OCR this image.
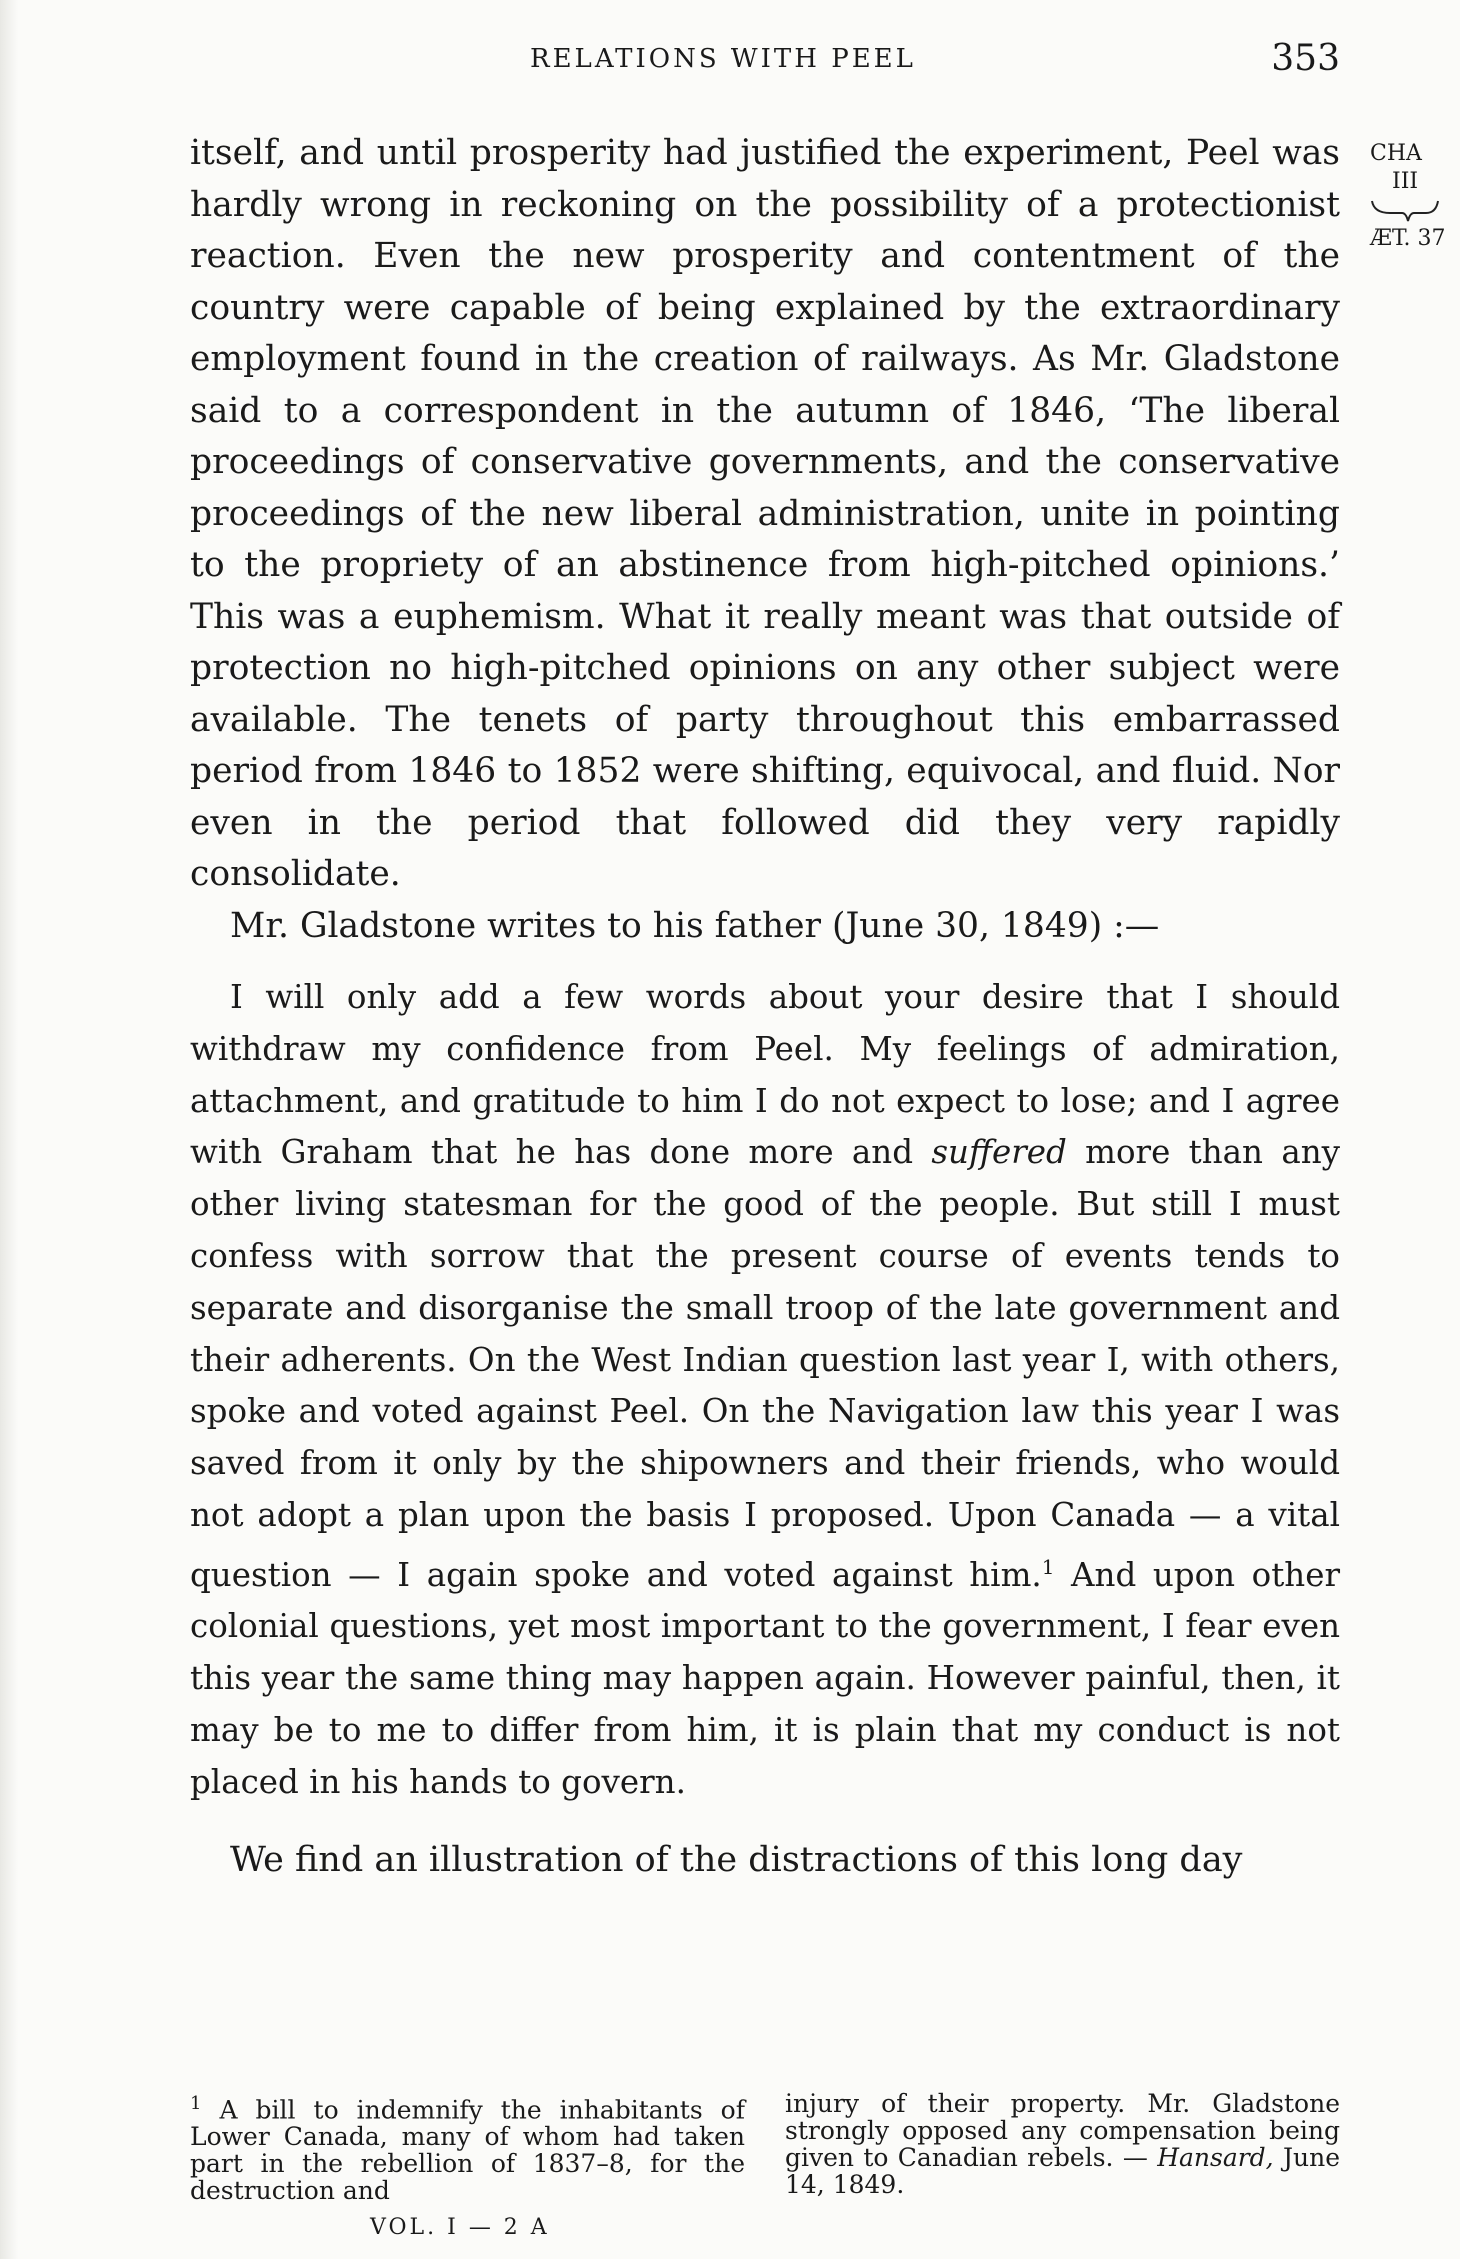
RELATIONS WITH PEEL	353
CHA
III
ÆT. 37

itself, and until prosperity had justified the experiment, Peel was hardly wrong in reckoning on the possibility of a protectionist reaction. Even the new prosperity and contentment of the country were capable of being explained by the extraordinary employment found in the creation of railways. As Mr. Gladstone said to a correspondent in the autumn of 1846, ‘The liberal proceedings of conservative governments, and the conservative proceedings of the new liberal administration, unite in pointing to the propriety of an abstinence from high-pitched opinions.’ This was a euphemism. What it really meant was that outside of protection no high-pitched opinions on any other subject were available. The tenets of party throughout this embarrassed period from 1846 to 1852 were shifting, equivocal, and fluid. Nor even in the period that followed did they very rapidly consolidate.

Mr. Gladstone writes to his father (June 30, 1849) :—

I will only add a few words about your desire that I should withdraw my confidence from Peel. My feelings of admiration, attachment, and gratitude to him I do not expect to lose; and I agree with Graham that he has done more and suffered more than any other living statesman for the good of the people. But still I must confess with sorrow that the present course of events tends to separate and disorganise the small troop of the late government and their adherents. On the West Indian question last year I, with others, spoke and voted against Peel. On the Navigation law this year I was saved from it only by the shipowners and their friends, who would not adopt a plan upon the basis I proposed. Upon Canada — a vital question — I again spoke and voted against him.$^1$ And upon other colonial questions, yet most important to the government, I fear even this year the same thing may happen again. However painful, then, it may be to me to differ from him, it is plain that my conduct is not placed in his hands to govern.

We find an illustration of the distractions of this long day

$^1$ A bill to indemnify the inhabitants of Lower Canada, many of whom had taken part in the rebellion of 1837–8, for the destruction and
injury of their property. Mr. Gladstone strongly opposed any compensation being given to Canadian rebels. — Hansard, June 14, 1849.
VOL. I — 2 A
